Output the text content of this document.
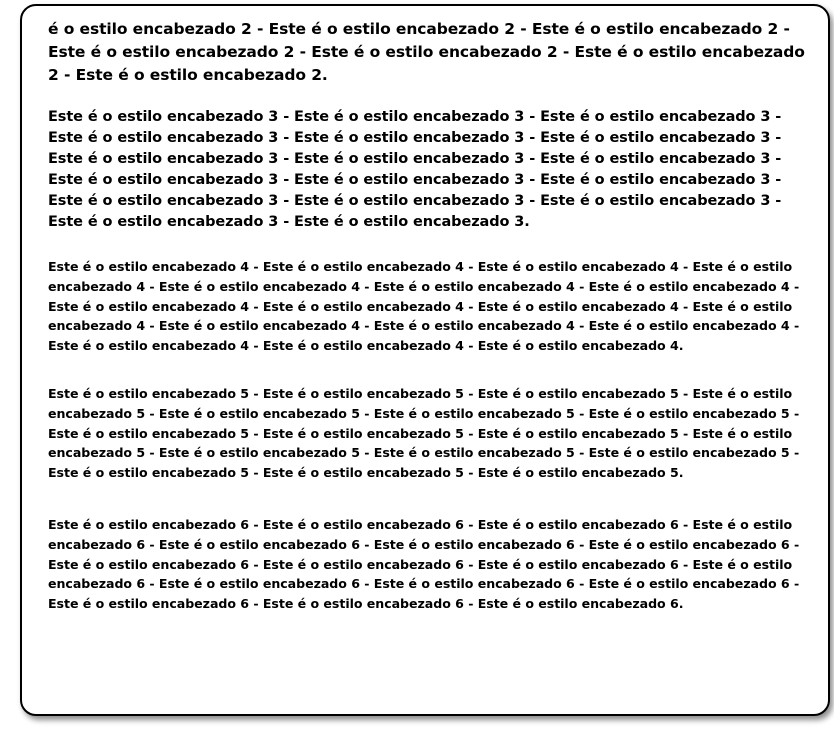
é o estilo encabezado 2 - Este é o estilo encabezado 2 - Este é o estilo encabezado 2 - Este é o estilo encabezado 2 - Este é o estilo encabezado 2 - Este é o estilo encabezado 2 - Este é o estilo encabezado 2.

Este é o estilo encabezado 3 - Este é o estilo encabezado 3 - Este é o estilo encabezado 3 - Este é o estilo encabezado 3 - Este é o estilo encabezado 3 - Este é o estilo encabezado 3 - Este é o estilo encabezado 3 - Este é o estilo encabezado 3 - Este é o estilo encabezado 3 - Este é o estilo encabezado 3 - Este é o estilo encabezado 3 - Este é o estilo encabezado 3 - Este é o estilo encabezado 3 - Este é o estilo encabezado 3 - Este é o estilo encabezado 3 - Este é o estilo encabezado 3 - Este é o estilo encabezado 3.

Este é o estilo encabezado 4 - Este é o estilo encabezado 4 - Este é o estilo encabezado 4 - Este é o estilo encabezado 4 - Este é o estilo encabezado 4 - Este é o estilo encabezado 4 - Este é o estilo encabezado 4 - Este é o estilo encabezado 4 - Este é o estilo encabezado 4 - Este é o estilo encabezado 4 - Este é o estilo encabezado 4 - Este é o estilo encabezado 4 - Este é o estilo encabezado 4 - Este é o estilo encabezado 4 - Este é o estilo encabezado 4 - Este é o estilo encabezado 4 - Este é o estilo encabezado 4.

Este é o estilo encabezado 5 - Este é o estilo encabezado 5 - Este é o estilo encabezado 5 - Este é o estilo encabezado 5 - Este é o estilo encabezado 5 - Este é o estilo encabezado 5 - Este é o estilo encabezado 5 - Este é o estilo encabezado 5 - Este é o estilo encabezado 5 - Este é o estilo encabezado 5 - Este é o estilo encabezado 5 - Este é o estilo encabezado 5 - Este é o estilo encabezado 5 - Este é o estilo encabezado 5 - Este é o estilo encabezado 5 - Este é o estilo encabezado 5 - Este é o estilo encabezado 5.

Este é o estilo encabezado 6 - Este é o estilo encabezado 6 - Este é o estilo encabezado 6 - Este é o estilo encabezado 6 - Este é o estilo encabezado 6 - Este é o estilo encabezado 6 - Este é o estilo encabezado 6 - Este é o estilo encabezado 6 - Este é o estilo encabezado 6 - Este é o estilo encabezado 6 - Este é o estilo encabezado 6 - Este é o estilo encabezado 6 - Este é o estilo encabezado 6 - Este é o estilo encabezado 6 - Este é o estilo encabezado 6 - Este é o estilo encabezado 6 - Este é o estilo encabezado 6.
